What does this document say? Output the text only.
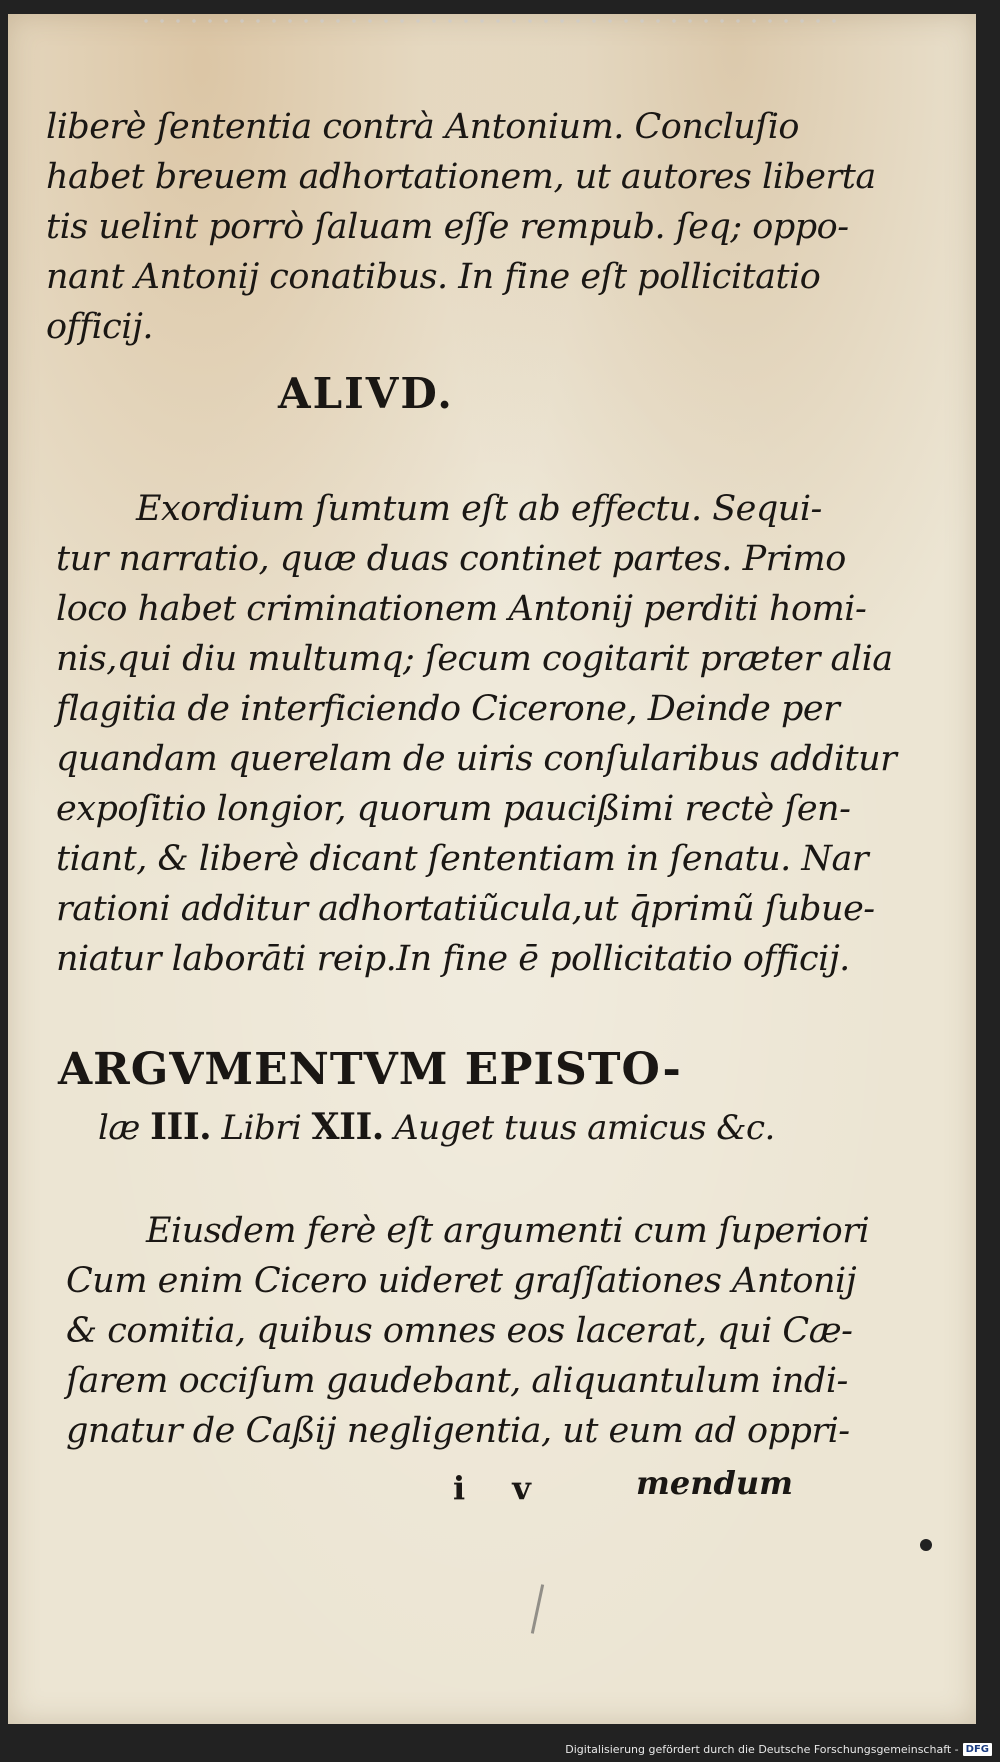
liberè ſententia contrà Antonium. Concluſio
habet breuem adhortationem, ut autores liberta
tis uelint porrò ſaluam eſſe rempub. ſeq; oppo-
nant Antonij conatibus. In fine eſt pollicitatio
officij.
ALIVD.
Exordium ſumtum eſt ab effectu. Sequi-
tur narratio, quæ duas continet partes. Primo
loco habet criminationem Antonij perditi homi-
nis,qui diu multumq; ſecum cogitarit præter alia
flagitia de interficiendo Cicerone, Deinde per
quandam querelam de uiris conſularibus additur
expoſitio longior, quorum paucißimi rectè ſen-
tiant, & liberè dicant ſententiam in ſenatu. Nar
rationi additur adhortatiũcula,ut q̄primũ ſubue-
niatur laborāti reip.In fine ē pollicitatio officij.
ARGVMENTVM EPISTO-
læ III. Libri XII. Auget tuus amicus &c.
Eiusdem ferè eſt argumenti cum ſuperiori
Cum enim Cicero uideret graſſationes Antonij
& comitia, quibus omnes eos lacerat, qui Cæ-
ſarem occiſum gaudebant, aliquantulum indi-
gnatur de Caßij negligentia, ut eum ad oppri-
i v	mendum
Digitalisierung gefördert durch die Deutsche Forschungsgemeinschaft - DFG
